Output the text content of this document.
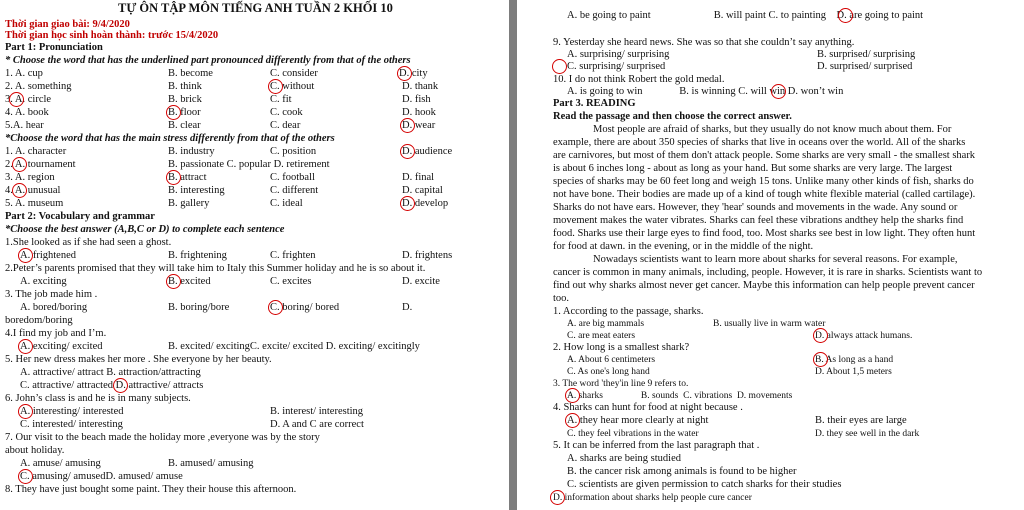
TỰ ÔN TẬP MÔN TIẾNG ANH TUẦN 2 KHỐI 10
Thời gian giao bài: 9/4/2020
Thời gian học sinh hoàn thành: trước 15/4/2020
Part 1: Pronunciation
* Choose the word that has the underlined part pronounced differently from that of the others
1. A. cup	B. become	C. consider	D. city
2. A. something	B. think	C. without	D. thank
3. A. circle	B. brick	C. fit	D. fish
4. A. book	B. floor	C. cook	D. hook
5.A. hear	B. clear	C. dear	D. wear
*Choose the word that has the main stress differently from that of the others
1. A. character	B. industry	C. position	D. audience
2. A. tournament	B. passionate C. popular D. retirement
3. A. region	B. attract	C. football	D. final
4. A. unusual	B. interesting	C. different	D. capital
5. A. museum	B. gallery	C. ideal	D. develop
Part 2: Vocabulary and grammar
*Choose the best answer (A,B,C or D) to complete each sentence
1.She looked as if she had seen a ghost.
A. frightened	B. frightening	C. frighten	D. frightens
2.Peter’s parents promised that they will take him to Italy this Summer holiday and he is so about it.
A. exciting	B. excited	C. excites	D. excite
3. The job made him .
A. bored/boring	B. boring/bore	C. boring/ bored	D.
boredom/boring
4.I find my job and I’m.
A. exciting/ excited	B. excited/ excitingC. excite/ excited D. exciting/ excitingly
5. Her new dress makes her more . She everyone by her beauty.
A. attractive/ attract B. attraction/attracting
C. attractive/ attracted D. attractive/ attracts
6. John’s class is and he is in many subjects.
A. interesting/ interested	B. interest/ interesting
C. interested/ interesting	D. A and C are correct
7. Our visit to the beach made the holiday more ,everyone was by the story
about holiday.
A. amuse/ amusing	B. amused/ amusing
C. amusing/ amusedD. amused/ amuse
8. They have just bought some paint. They their house this afternoon.
A. be going to paint                        B. will paint C. to painting    D. are going to paint
9. Yesterday she heard news. She was so that she couldn’t say anything.
A. surprising/ surprising	B. surprised/ surprising
C. surprising/ surprised	D. surprised/ surprised
10. I do not think Robert the gold medal.
A. is going to win              B. is winning C. will win D. won’t win
Part 3. READING
Read the passage and then choose the correct answer.
Most people are afraid of sharks, but they usually do not know much about them. For
example, there are about 350 species of sharks that live in oceans over the world. All of the sharks
are carnivores, but most of them don't attack people. Some sharks are very small - the smallest shark
is about 6 inches long - about as long as your hand. But some sharks are very large. The largest
species of sharks may be 60 feet long and weigh 15 tons. Unlike many other kinds of fish, sharks do
not have bone. Their bodies are made up of a kind of tough white flexible material (called cartilage).
Sharks do not have ears. However, they 'hear' sounds and movements in the wade. Any sound or
movement makes the water vibrates. Sharks can feel these vibrations andthey help the sharks find
food. Sharks use their large eyes to find food, too. Most sharks see best in low light. They often hunt
for food at dawn. in the evening, or in the middle of the night.
Nowadays scientists want to learn more about sharks for several reasons. For example,
cancer is common in many animals, including, people. However, it is rare in sharks. Scientists want to
find out why sharks almost never get cancer. Maybe this information can help people prevent cancer
too.
1. According to the passage, sharks.
A. are big mammals	B. usually live in warm water
C. are meat eaters	D. always attack humans.
2. How long is a smallest shark?
A. About 6 centimeters	B. As long as a hand
C. As one's long hand	D. About 1,5 meters
3. The word 'they'in line 9 refers to.
A. sharks                B. sounds  C. vibrations  D. movements
4. Sharks can hunt for food at night because .
A. they hear more clearly at night	B. their eyes are large
C. they feel vibrations in the water	D. they see well in the dark
5. It can be inferred from the last paragraph that .
A. sharks are being studied
B. the cancer risk among animals is found to be higher
C. scientists are given permission to catch sharks for their studies
D. information about sharks help people cure cancer
